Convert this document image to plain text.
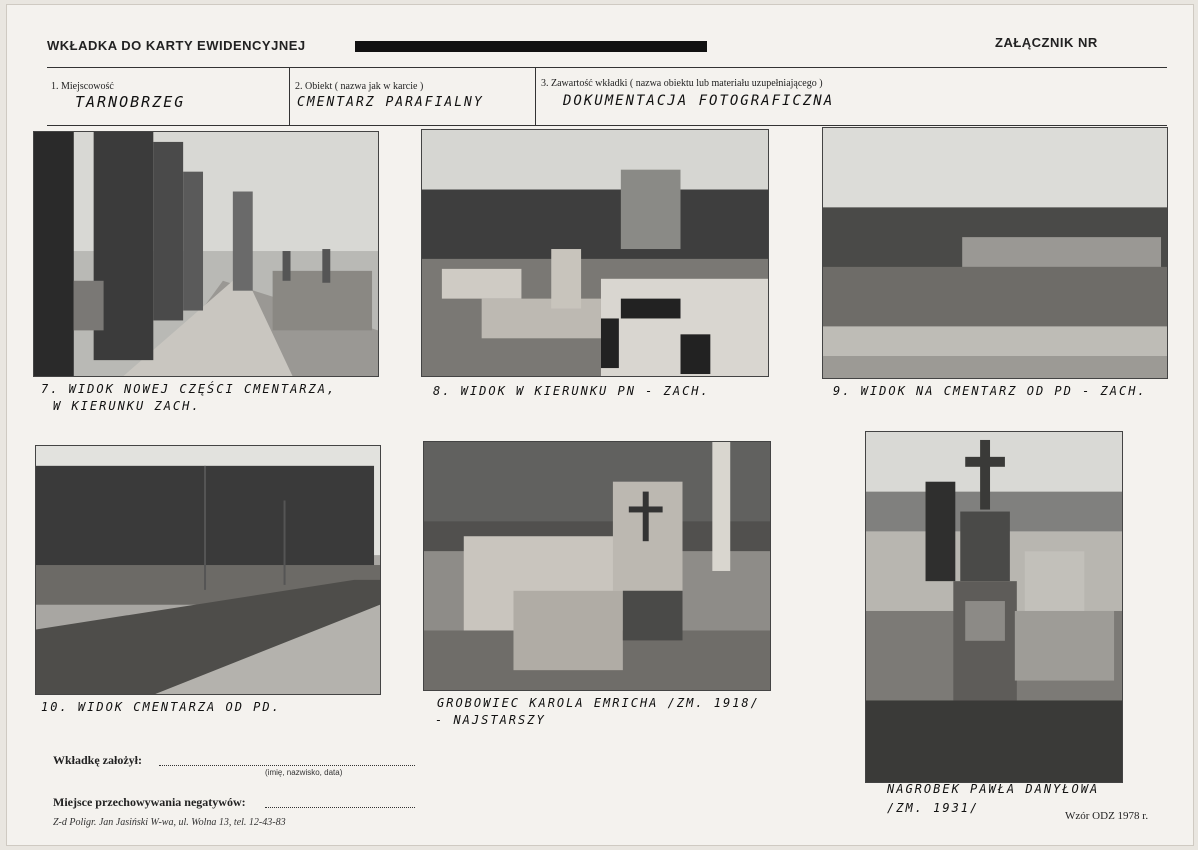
WKŁADKA DO KARTY EWIDENCYJNEJ	ZAŁĄCZNIK NR
1. Miejscowość
TARNOBRZEG
2. Obiekt ( nazwa jak w karcie )
CMENTARZ PARAFIALNY
3. Zawartość wkładki ( nazwa obiektu lub materiału uzupełniającego )
DOKUMENTACJA FOTOGRAFICZNA
7. WIDOK NOWEJ CZĘŚCI CMENTARZA,
W KIERUNKU ZACH.
8. WIDOK W KIERUNKU PN - ZACH.	9. WIDOK NA CMENTARZ OD PD - ZACH.
10. WIDOK CMENTARZA OD PD.	GROBOWIEC KAROLA EMRICHA /ZM. 1918/
- NAJSTARSZY
NAGROBEK PAWŁA DANYŁOWA
/ZM. 1931/
Wkładkę założył:
(imię, nazwisko, data)
Miejsce przechowywania negatywów:
Z-d Poligr. Jan Jasiński W-wa, ul. Wolna 13, tel. 12-43-83
Wzór ODZ 1978 r.
